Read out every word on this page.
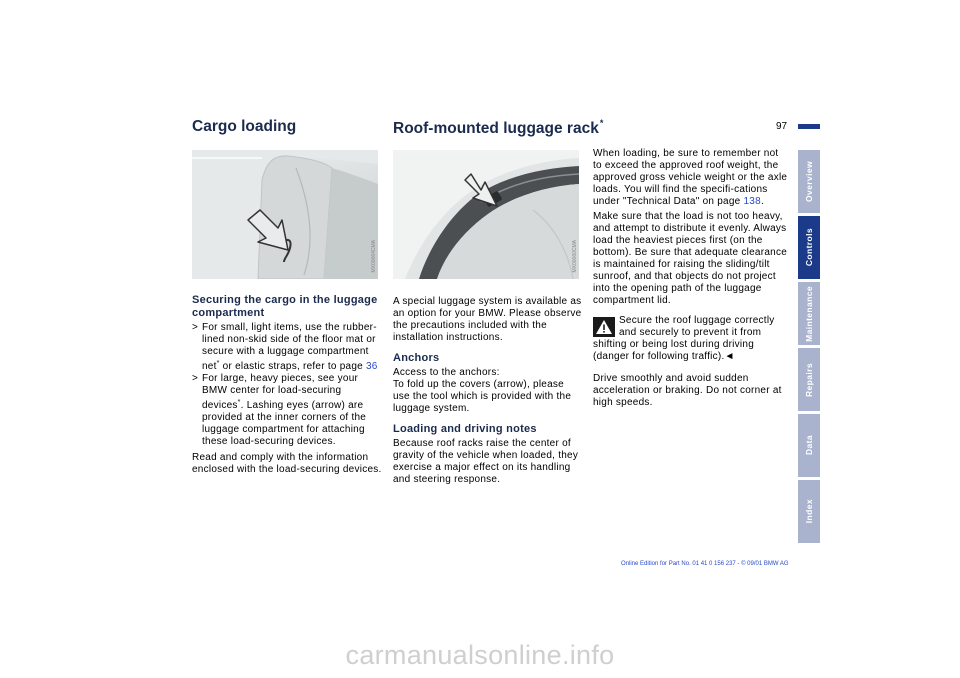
Cargo loading	Roof-mounted luggage rack*	97
MX00064CMA	MX00060CMA
Securing the cargo in the luggage compartment
> For small, light items, use the rubber-lined non-skid side of the floor mat or secure with a luggage compartment net* or elastic straps, refer to page 36
> For large, heavy pieces, see your BMW center for load-securing devices*. Lashing eyes (arrow) are provided at the inner corners of the luggage compartment for attaching these load-securing devices.

Read and comply with the information enclosed with the load-securing devices.

A special luggage system is available as an option for your BMW. Please observe the precautions included with the installation instructions.

Anchors

Access to the anchors:

To fold up the covers (arrow), please use the tool which is provided with the luggage system.

Loading and driving notes

Because roof racks raise the center of gravity of the vehicle when loaded, they exercise a major effect on its handling and steering response.

When loading, be sure to remember not to exceed the approved roof weight, the approved gross vehicle weight or the axle loads. You will find the specifi-cations under "Technical Data" on page 138.

Make sure that the load is not too heavy, and attempt to distribute it evenly. Always load the heaviest pieces first (on the bottom). Be sure that adequate clearance is maintained for raising the sliding/tilt sunroof, and that objects do not project into the opening path of the luggage compartment lid.

Secure the roof luggage correctly
and securely to prevent it from
shifting or being lost during driving (danger for following traffic).◄

Drive smoothly and avoid sudden acceleration or braking. Do not corner at high speeds.

Overview
Controls
Maintenance
Repairs
Data
Index
Online Edition for Part No. 01 41 0 156 237 - © 09/01 BMW AG
carmanualsonline.info
